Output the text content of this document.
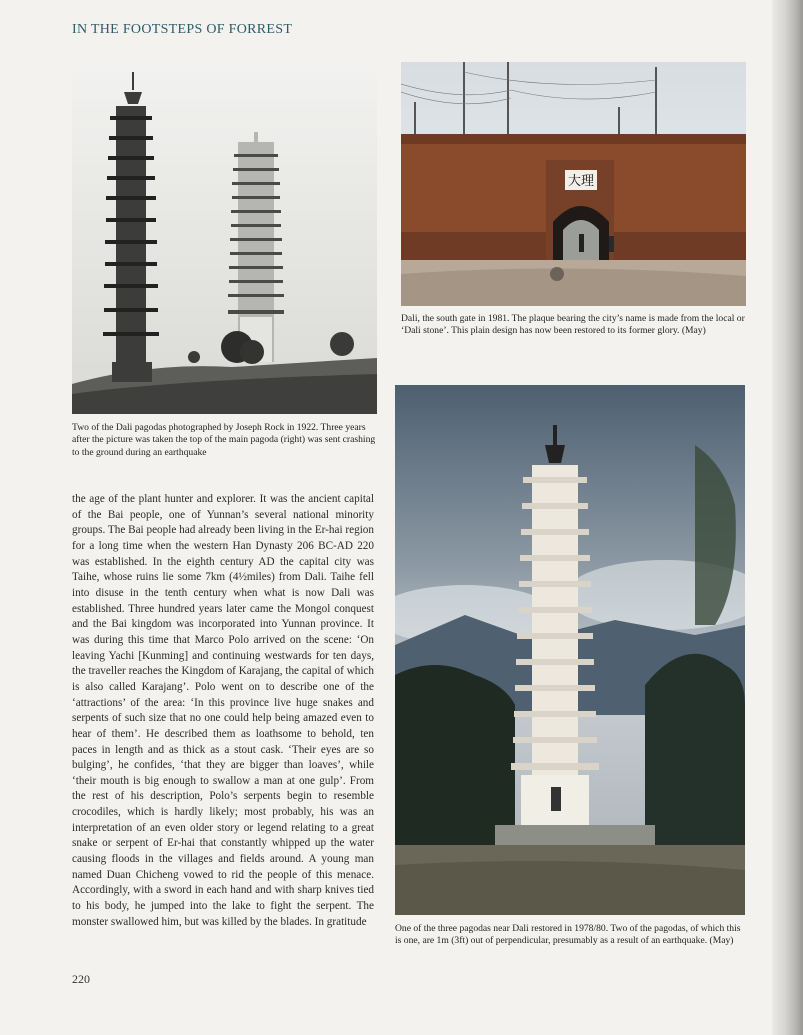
IN THE FOOTSTEPS OF FORREST
Two of the Dali pagodas photographed by Joseph Rock in 1922. Three years after the picture was taken the top of the main pagoda (right) was sent crashing to the ground during an earthquake
大理
Dali, the south gate in 1981. The plaque bearing the city’s name is made from the local or ‘Dali stone’. This plain design has now been restored to its former glory. (May)
One of the three pagodas near Dali restored in 1978/80. Two of the pagodas, of which this is one, are 1m (3ft) out of perpendicular, presumably as a result of an earthquake. (May)
the age of the plant hunter and explorer. It was the ancient capital of the Bai people, one of Yunnan’s several national minority groups. The Bai people had already been living in the Er-hai region for a long time when the western Han Dynasty 206 BC-AD 220 was established. In the eighth century AD the capital city was Taihe, whose ruins lie some 7km (4½miles) from Dali. Taihe fell into disuse in the tenth century when what is now Dali was established. Three hundred years later came the Mongol conquest and the Bai kingdom was incorporated into Yunnan province. It was during this time that Marco Polo arrived on the scene: ‘On leaving Yachi [Kunming] and continuing westwards for ten days, the traveller reaches the Kingdom of Karajang, the capital of which is also called Karajang’. Polo went on to describe one of the ‘attractions’ of the area: ‘In this province live huge snakes and serpents of such size that no one could help being amazed even to hear of them’. He described them as loathsome to behold, ten paces in length and as thick as a stout cask. ‘Their eyes are so bulging’, he confides, ‘that they are bigger than loaves’, while ‘their mouth is big enough to swallow a man at one gulp’. From the rest of his description, Polo’s serpents begin to resemble crocodiles, which is hardly likely; most probably, his was an interpretation of an even older story or legend relating to a great snake or serpent of Er-hai that constantly whipped up the water causing floods in the villages and fields around. A young man named Duan Chicheng vowed to rid the people of this menace. Accordingly, with a sword in each hand and with sharp knives tied to his body, he jumped into the lake to fight the serpent. The monster swallowed him, but was killed by the blades. In gratitude
220
